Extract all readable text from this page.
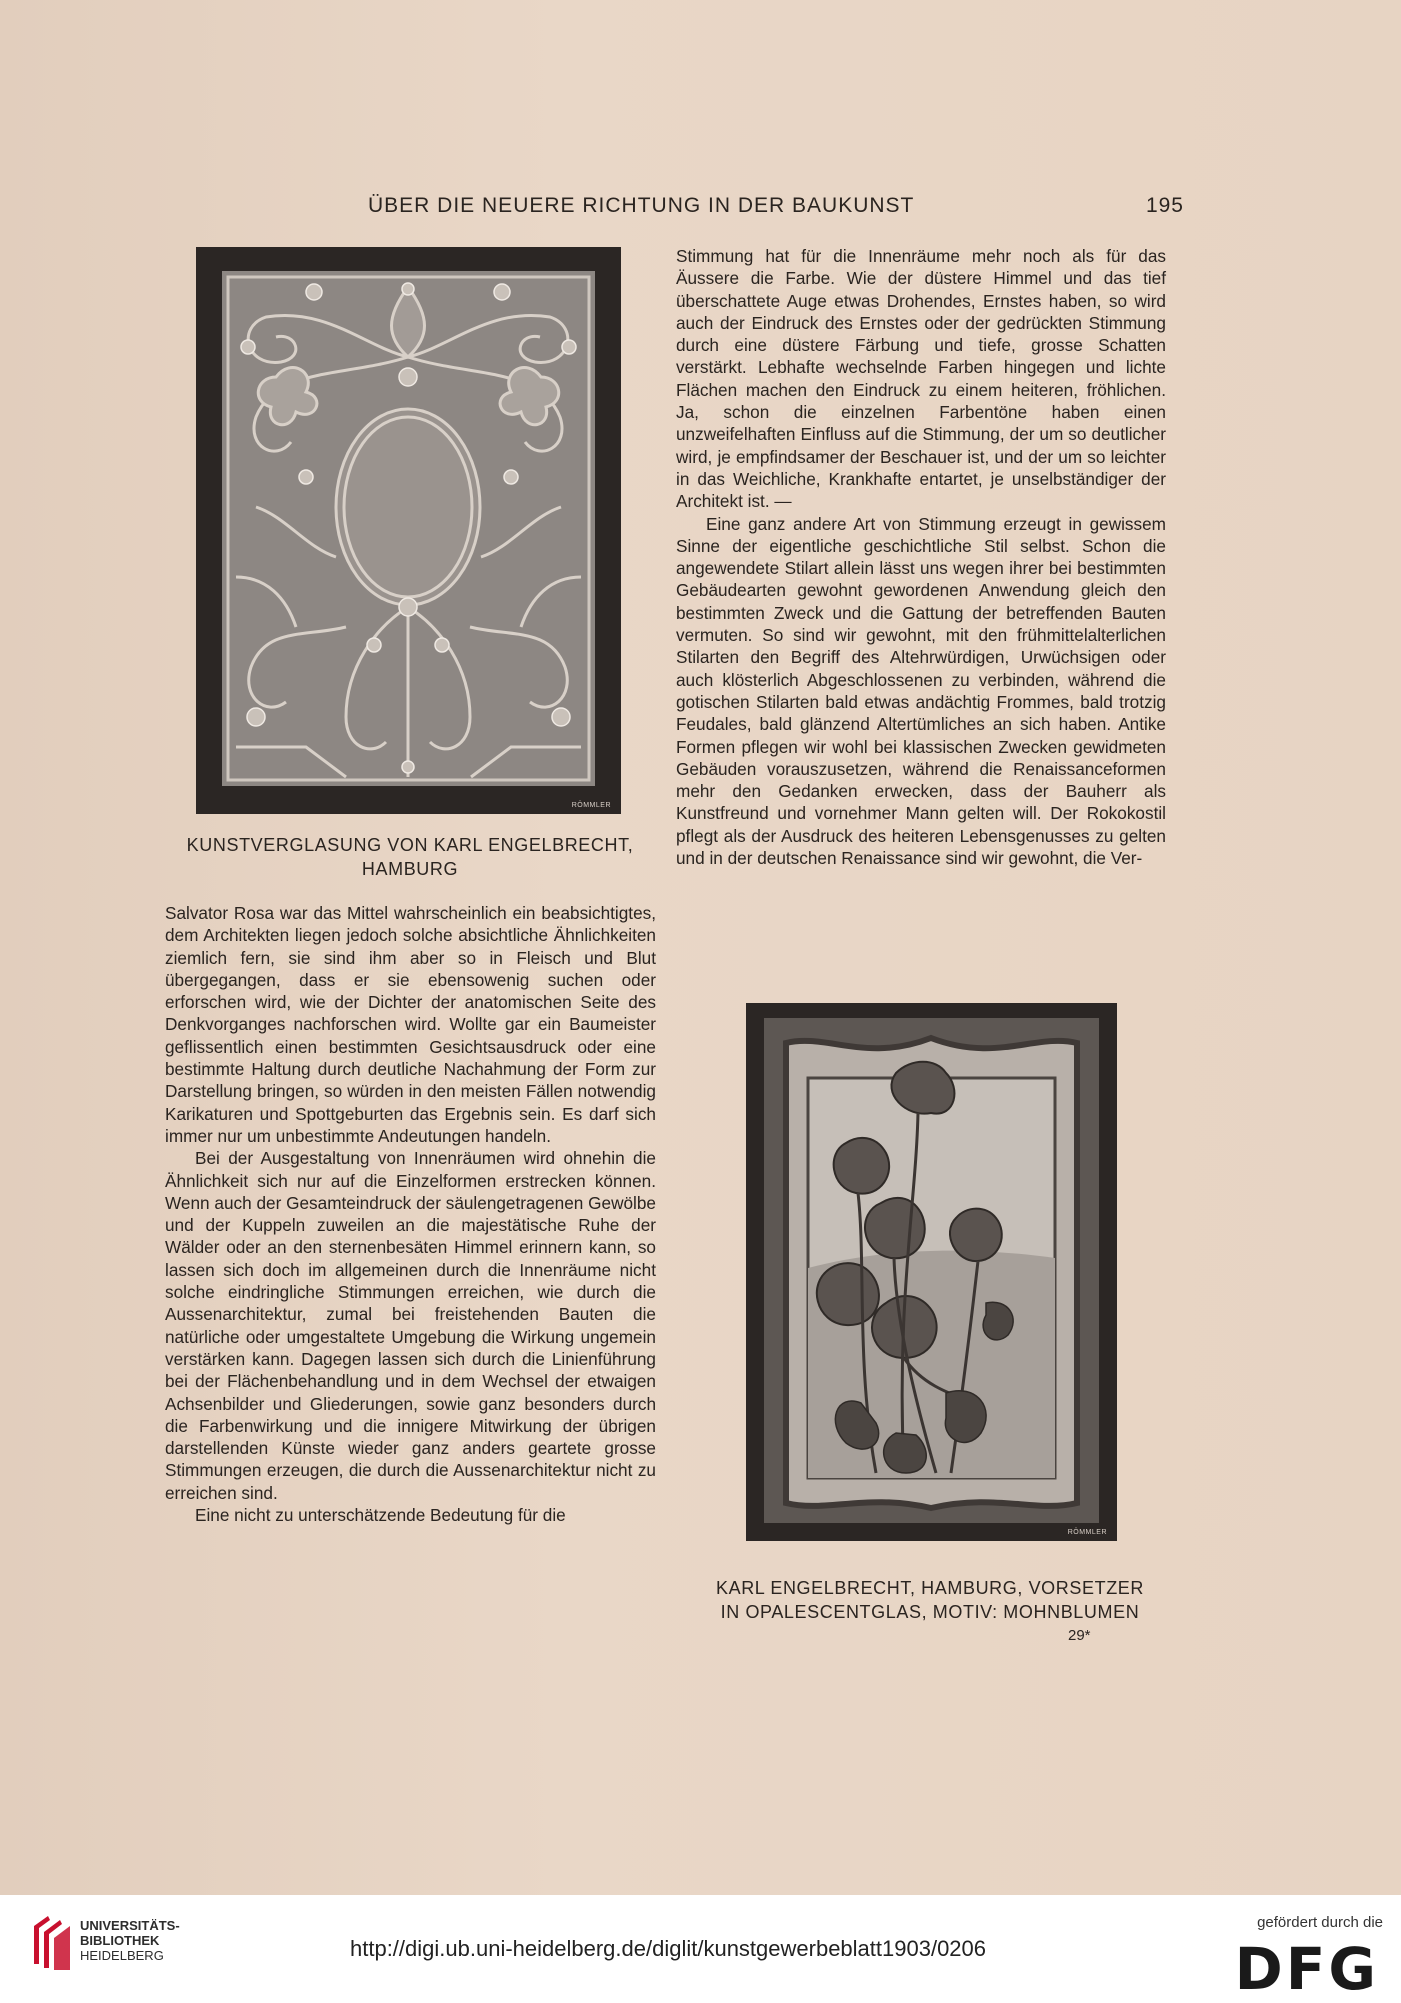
ÜBER DIE NEUERE RICHTUNG IN DER BAUKUNST	195
RÖMMLER
KUNSTVERGLASUNG VON KARL ENGELBRECHT,
HAMBURG
RÖMMLER
KARL ENGELBRECHT, HAMBURG, VORSETZER
IN OPALESCENTGLAS, MOTIV: MOHNBLUMEN

Salvator Rosa war das Mittel wahrscheinlich ein beabsichtigtes, dem Architekten liegen jedoch solche absichtliche Ähnlichkeiten ziemlich fern, sie sind ihm aber so in Fleisch und Blut übergegangen, dass er sie ebensowenig suchen oder erforschen wird, wie der Dichter der anatomischen Seite des Denkvorganges nachforschen wird. Wollte gar ein Baumeister geflissentlich einen bestimmten Gesichtsausdruck oder eine bestimmte Haltung durch deutliche Nachahmung der Form zur Darstellung bringen, so würden in den meisten Fällen notwendig Karikaturen und Spottgeburten das Ergebnis sein. Es darf sich immer nur um unbestimmte Andeutungen handeln.

Bei der Ausgestaltung von Innenräumen wird ohnehin die Ähnlichkeit sich nur auf die Einzelformen erstrecken können. Wenn auch der Gesamteindruck der säulengetragenen Gewölbe und der Kuppeln zuweilen an die majestätische Ruhe der Wälder oder an den sternenbesäten Himmel erinnern kann, so lassen sich doch im allgemeinen durch die Innenräume nicht solche eindringliche Stimmungen erreichen, wie durch die Aussenarchitektur, zumal bei freistehenden Bauten die natürliche oder umgestaltete Umgebung die Wirkung ungemein verstärken kann. Dagegen lassen sich durch die Linienführung bei der Flächenbehandlung und in dem Wechsel der etwaigen Achsenbilder und Gliederungen, sowie ganz besonders durch die Farbenwirkung und die innigere Mitwirkung der übrigen darstellenden Künste wieder ganz anders geartete grosse Stimmungen erzeugen, die durch die Aussenarchitektur nicht zu erreichen sind.

Eine nicht zu unterschätzende Bedeutung für die

Stimmung hat für die Innenräume mehr noch als für das Äussere die Farbe. Wie der düstere Himmel und das tief überschattete Auge etwas Drohendes, Ernstes haben, so wird auch der Eindruck des Ernstes oder der gedrückten Stimmung durch eine düstere Färbung und tiefe, grosse Schatten verstärkt. Lebhafte wechselnde Farben hingegen und lichte Flächen machen den Eindruck zu einem heiteren, fröhlichen. Ja, schon die einzelnen Farbentöne haben einen unzweifelhaften Einfluss auf die Stimmung, der um so deutlicher wird, je empfindsamer der Beschauer ist, und der um so leichter in das Weichliche, Krankhafte entartet, je unselbständiger der Architekt ist. —

Eine ganz andere Art von Stimmung erzeugt in gewissem Sinne der eigentliche geschichtliche Stil selbst. Schon die angewendete Stilart allein lässt uns wegen ihrer bei bestimmten Gebäudearten gewohnt gewordenen Anwendung gleich den bestimmten Zweck und die Gattung der betreffenden Bauten vermuten. So sind wir gewohnt, mit den frühmittelalterlichen Stilarten den Begriff des Altehrwürdigen, Urwüchsigen oder auch klösterlich Abgeschlossenen zu verbinden, während die gotischen Stilarten bald etwas andächtig Frommes, bald trotzig Feudales, bald glänzend Altertümliches an sich haben. Antike Formen pflegen wir wohl bei klassischen Zwecken gewidmeten Gebäuden vorauszusetzen, während die Renaissanceformen mehr den Gedanken erwecken, dass der Bauherr als Kunstfreund und vornehmer Mann gelten will. Der Rokokostil pflegt als der Ausdruck des heiteren Lebensgenusses zu gelten und in der deutschen Renaissance sind wir gewohnt, die Ver-

29*
UNIVERSITÄTS-
BIBLIOTHEK
HEIDELBERG	http://digi.ub.uni-heidelberg.de/diglit/kunstgewerbeblatt1903/0206
gefördert durch die
DFG
